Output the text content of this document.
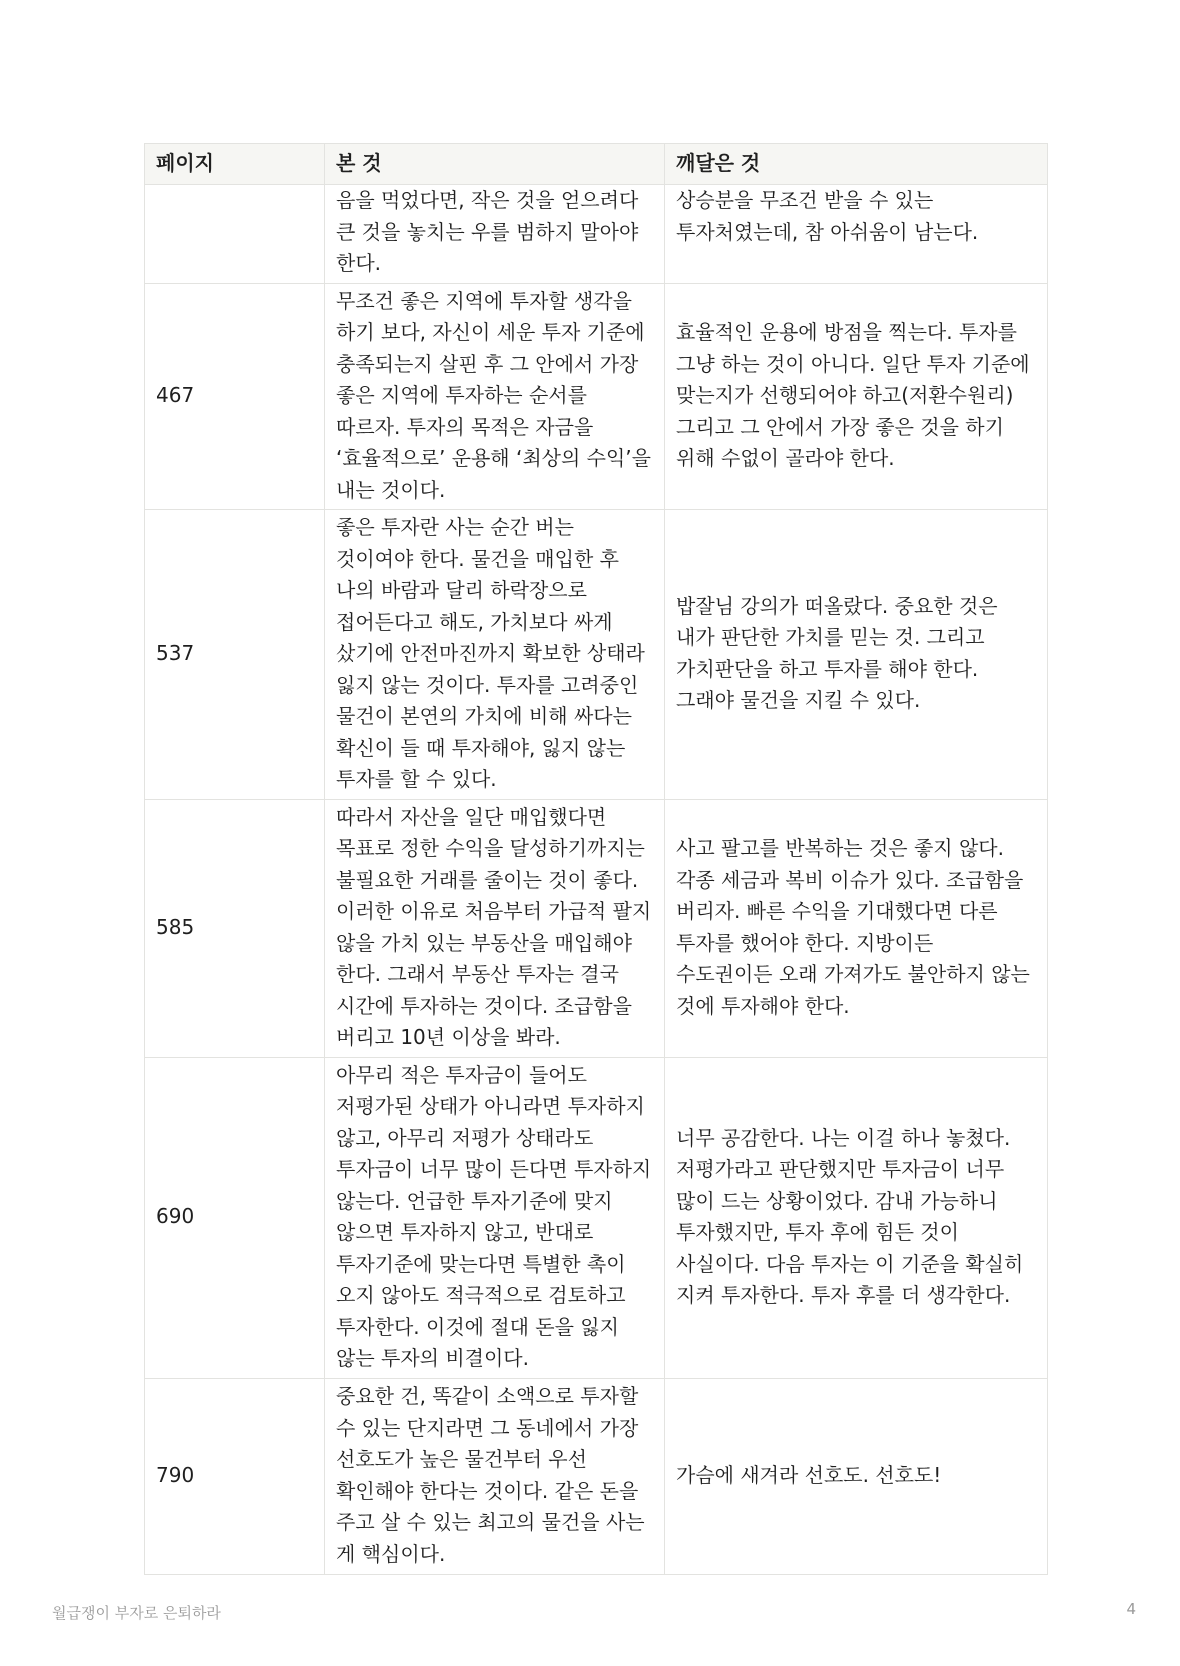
페이지	본 것	깨달은 것
	음을 먹었다면, 작은 것을 얻으려다 큰 것을 놓치는 우를 범하지 말아야 한다.	상승분을 무조건 받을 수 있는 투자처였는데, 참 아쉬움이 남는다.
467	무조건 좋은 지역에 투자할 생각을 하기 보다, 자신이 세운 투자 기준에 충족되는지 살핀 후 그 안에서 가장 좋은 지역에 투자하는 순서를 따르자. 투자의 목적은 자금을 ‘효율적으로’ 운용해 ‘최상의 수익’을 내는 것이다.	효율적인 운용에 방점을 찍는다. 투자를 그냥 하는 것이 아니다. 일단 투자 기준에 맞는지가 선행되어야 하고(저환수원리) 그리고 그 안에서 가장 좋은 것을 하기 위해 수없이 골라야 한다.
537	좋은 투자란 사는 순간 버는 것이여야 한다. 물건을 매입한 후 나의 바람과 달리 하락장으로 접어든다고 해도, 가치보다 싸게 샀기에 안전마진까지 확보한 상태라 잃지 않는 것이다. 투자를 고려중인 물건이 본연의 가치에 비해 싸다는 확신이 들 때 투자해야, 잃지 않는 투자를 할 수 있다.	밥잘님 강의가 떠올랐다. 중요한 것은 내가 판단한 가치를 믿는 것. 그리고 가치판단을 하고 투자를 해야 한다. 그래야 물건을 지킬 수 있다.
585	따라서 자산을 일단 매입했다면 목표로 정한 수익을 달성하기까지는 불필요한 거래를 줄이는 것이 좋다. 이러한 이유로 처음부터 가급적 팔지 않을 가치 있는 부동산을 매입해야 한다. 그래서 부동산 투자는 결국 시간에 투자하는 것이다. 조급함을 버리고 10년 이상을 봐라.	사고 팔고를 반복하는 것은 좋지 않다. 각종 세금과 복비 이슈가 있다. 조급함을 버리자. 빠른 수익을 기대했다면 다른 투자를 했어야 한다. 지방이든 수도권이든 오래 가져가도 불안하지 않는 것에 투자해야 한다.
690	아무리 적은 투자금이 들어도 저평가된 상태가 아니라면 투자하지 않고, 아무리 저평가 상태라도 투자금이 너무 많이 든다면 투자하지 않는다. 언급한 투자기준에 맞지 않으면 투자하지 않고, 반대로 투자기준에 맞는다면 특별한 촉이 오지 않아도 적극적으로 검토하고 투자한다. 이것에 절대 돈을 잃지 않는 투자의 비결이다.	너무 공감한다. 나는 이걸 하나 놓쳤다. 저평가라고 판단했지만 투자금이 너무 많이 드는 상황이었다. 감내 가능하니 투자했지만, 투자 후에 힘든 것이 사실이다. 다음 투자는 이 기준을 확실히 지켜 투자한다. 투자 후를 더 생각한다.
790	중요한 건, 똑같이 소액으로 투자할 수 있는 단지라면 그 동네에서 가장 선호도가 높은 물건부터 우선 확인해야 한다는 것이다. 같은 돈을 주고 살 수 있는 최고의 물건을 사는 게 핵심이다.	가슴에 새겨라 선호도. 선호도!
월급쟁이 부자로 은퇴하라	4
